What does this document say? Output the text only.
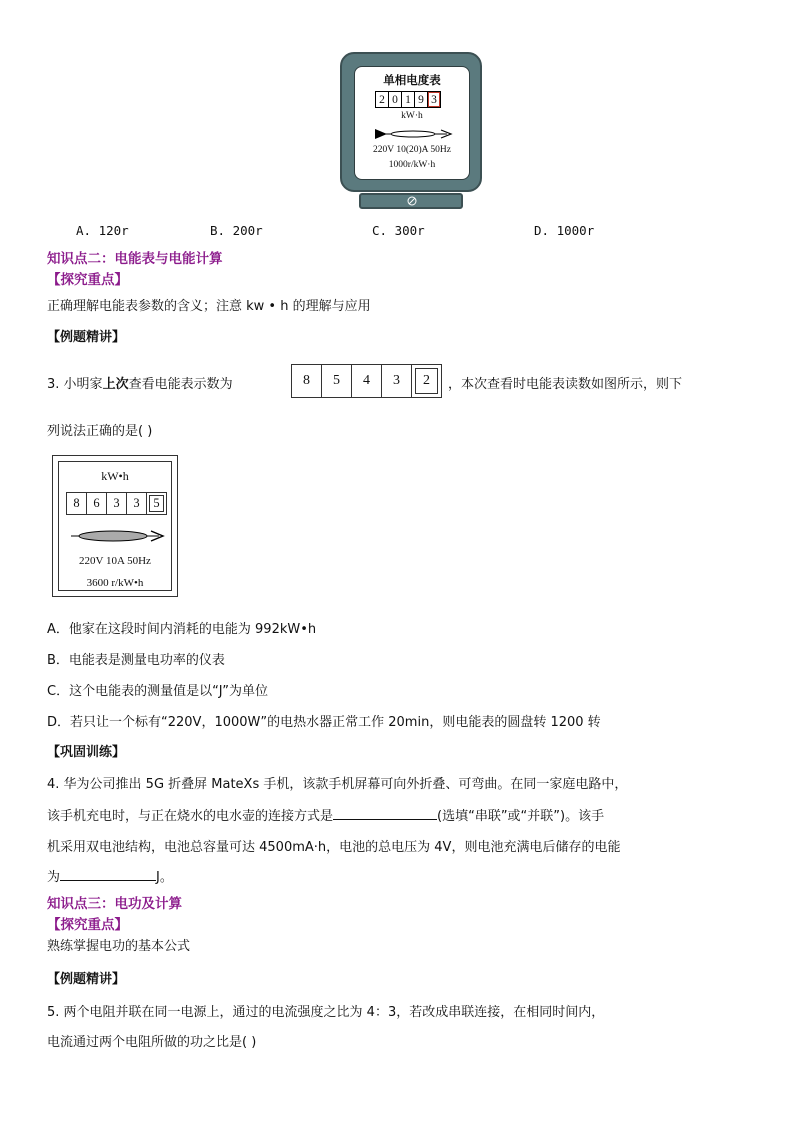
单相电度表
2 0 1 9 3
kW·h
220V 10(20)A 50Hz
1000r/kW·h
A. 120r	B. 200r	C. 300r	D. 1000r
知识点二：电能表与电能计算
【探究重点】
正确理解电能表参数的含义；注意 kw • h 的理解与应用
【例题精讲】
3. 小明家上次查看电能表示数为	8	5	4	3	2	，本次查看时电能表读数如图所示，则下
列说法正确的是( )
kW•h
8	6	3	3	5
220V 10A 50Hz
3600 r/kW•h
A．他家在这段时间内消耗的电能为 992kW•h
B．电能表是测量电功率的仪表
C．这个电能表的测量值是以“J”为单位
D．若只让一个标有“220V，1000W”的电热水器正常工作 20min，则电能表的圆盘转 1200 转
【巩固训练】
4. 华为公司推出 5G 折叠屏 MateXs 手机，该款手机屏幕可向外折叠、可弯曲。在同一家庭电路中，
该手机充电时，与正在烧水的电水壶的连接方式是	(选填“串联”或“并联”)。该手
机采用双电池结构，电池总容量可达 4500mA·h，电池的总电压为 4V，则电池充满电后储存的电能
为	J。
知识点三：电功及计算
【探究重点】
熟练掌握电功的基本公式
【例题精讲】
5. 两个电阻并联在同一电源上，通过的电流强度之比为 4：3，若改成串联连接，在相同时间内，
电流通过两个电阻所做的功之比是( )
